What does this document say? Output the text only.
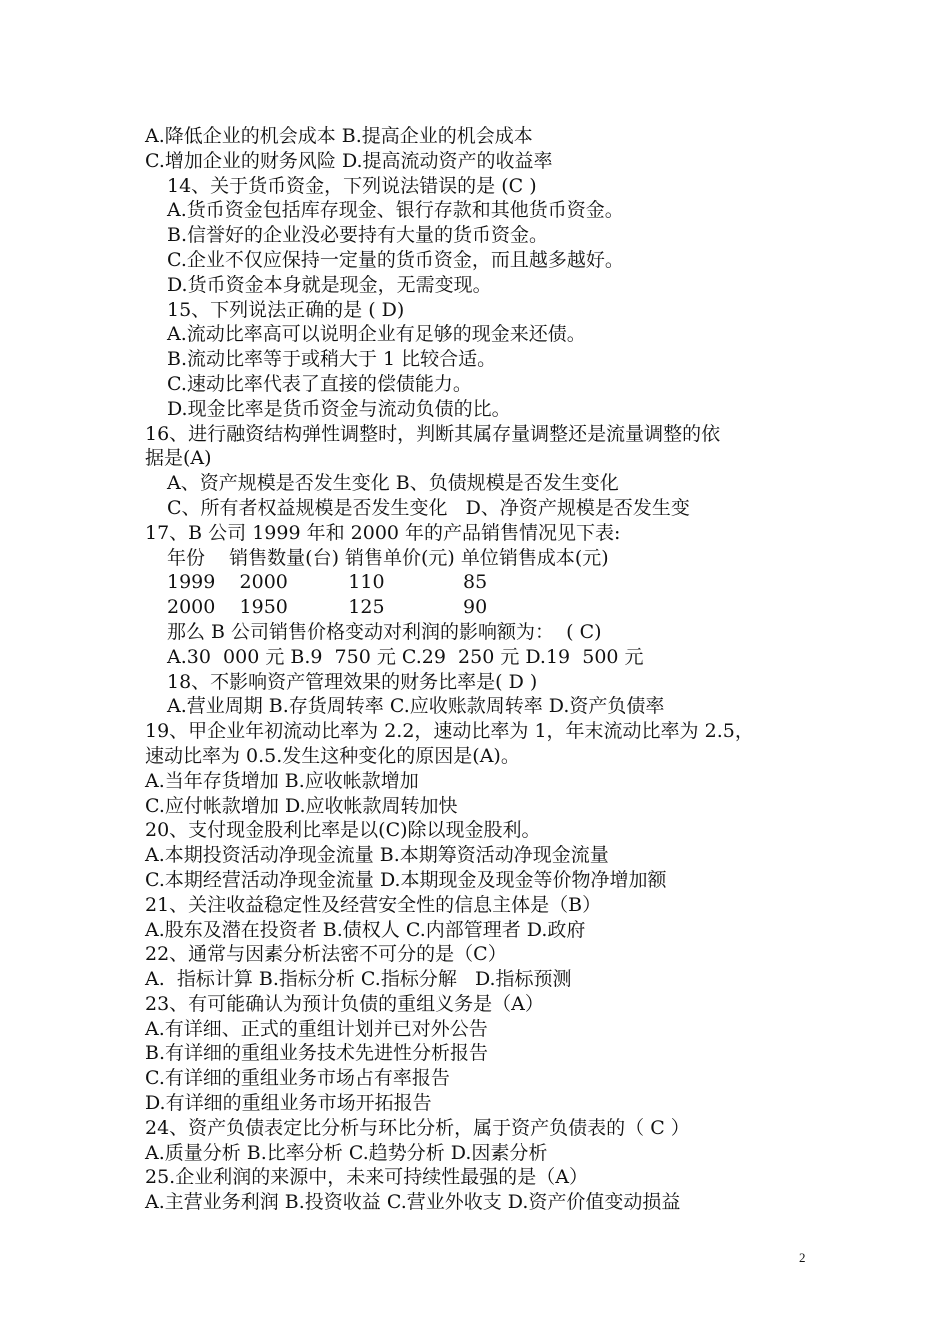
A.降低企业的机会成本 B.提高企业的机会成本
C.增加企业的财务风险 D.提高流动资产的收益率
14、关于货币资金，下列说法错误的是 (C )
A.货币资金包括库存现金、银行存款和其他货币资金。
B.信誉好的企业没必要持有大量的货币资金。
C.企业不仅应保持一定量的货币资金，而且越多越好。
D.货币资金本身就是现金，无需变现。
15、下列说法正确的是 ( D)
A.流动比率高可以说明企业有足够的现金来还债。
B.流动比率等于或稍大于 1 比较合适。
C.速动比率代表了直接的偿债能力。
D.现金比率是货币资金与流动负债的比。
16、进行融资结构弹性调整时，判断其属存量调整还是流量调整的依
据是(A)
A、资产规模是否发生变化 B、负债规模是否发生变化
C、所有者权益规模是否发生变化   D、净资产规模是否发生变
17、B 公司 1999 年和 2000 年的产品销售情况见下表:
年份    销售数量(台) 销售单价(元) 单位销售成本(元)
1999    2000          110             85
2000    1950          125             90
那么 B 公司销售价格变动对利润的影响额为：  ( C)
A.30  000 元 B.9  750 元 C.29  250 元 D.19  500 元
18、不影响资产管理效果的财务比率是( D )
A.营业周期 B.存货周转率 C.应收账款周转率 D.资产负债率
19、甲企业年初流动比率为 2.2，速动比率为 1，年末流动比率为 2.5，
速动比率为 0.5.发生这种变化的原因是(A)。
A.当年存货增加 B.应收帐款增加
C.应付帐款增加 D.应收帐款周转加快
20、支付现金股利比率是以(C)除以现金股利。
A.本期投资活动净现金流量 B.本期筹资活动净现金流量
C.本期经营活动净现金流量 D.本期现金及现金等价物净增加额
21、关注收益稳定性及经营安全性的信息主体是（B）
A.股东及潜在投资者 B.债权人 C.内部管理者 D.政府
22、通常与因素分析法密不可分的是（C）
A.  指标计算 B.指标分析 C.指标分解   D.指标预测
23、有可能确认为预计负债的重组义务是（A）
A.有详细、正式的重组计划并已对外公告
B.有详细的重组业务技术先进性分析报告
C.有详细的重组业务市场占有率报告
D.有详细的重组业务市场开拓报告
24、资产负债表定比分析与环比分析，属于资产负债表的（ C ）
A.质量分析 B.比率分析 C.趋势分析 D.因素分析
25.企业利润的来源中，未来可持续性最强的是（A）
A.主营业务利润 B.投资收益 C.营业外收支 D.资产价值变动损益
2
